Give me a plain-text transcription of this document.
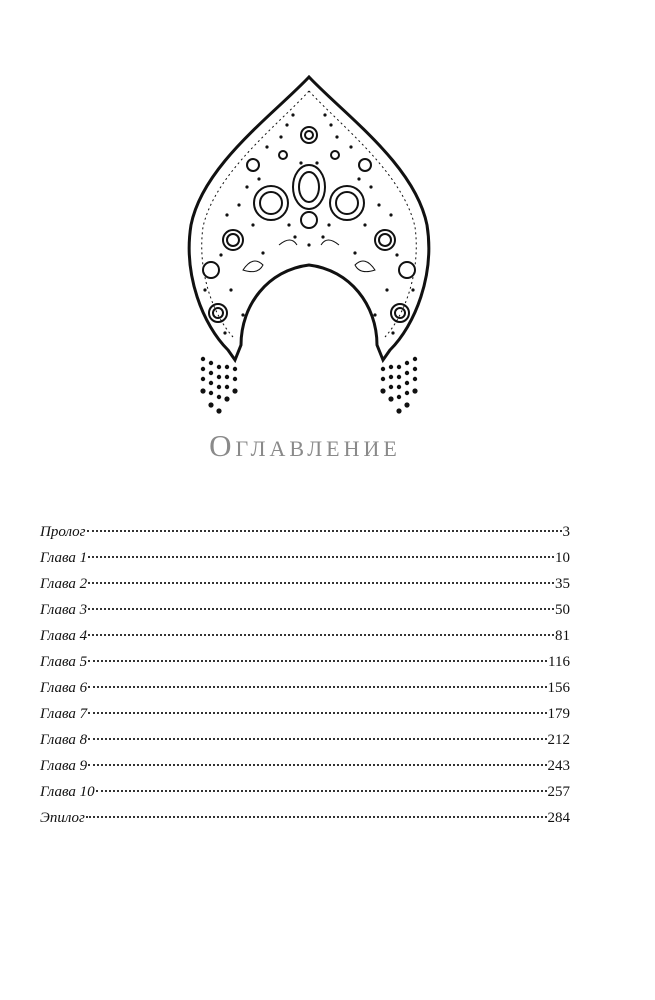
Оглавление
Пролог	3
Глава 1	10
Глава 2	35
Глава 3	50
Глава 4	81
Глава 5	116
Глава 6	156
Глава 7	179
Глава 8	212
Глава 9	243
Глава 10	257
Эпилог	284
